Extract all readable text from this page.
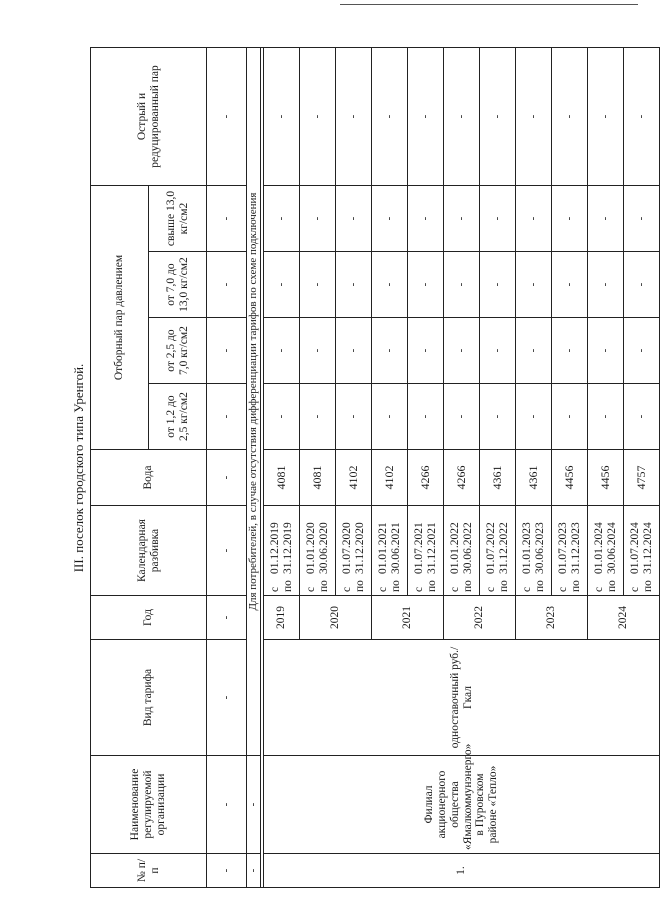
III. поселок городского типа Уренгой.
№ п/п	Наименование регулируемой организации	Вид тарифа	Год	Календарная разбивка	Вода	Отборный пар давлением				Острый и редуцированный пар
						от 1,2 до 2,5 кг/см2	от 2,5 до 7,0 кг/см2	от 7,0 до 13,0 кг/см2	свыше 13,0 кг/см2	
-	-	-	-	-	-	-	-	-	-	-
-	-	Для потребителей, в случае отсутствия дифференциации тарифов по схеме подключения								

1.	Филиал акционерного общества «Ямалкоммунэнерго» в Пуровском районе «Тепло»	одноставочный руб./Гкал	2019	с01.12.2019
по31.12.2019	4081	-	-	-	-	-
			2020	с01.01.2020
по30.06.2020	4081	-	-	-	-	-

				с01.07.2020
по31.12.2020	4102	-	-	-	-	-
			2021	с01.01.2021
по30.06.2021	4102	-	-	-	-	-

				с01.07.2021
по31.12.2021	4266	-	-	-	-	-
			2022	с01.01.2022
по30.06.2022	4266	-	-	-	-	-

				с01.07.2022
по31.12.2022	4361	-	-	-	-	-
			2023	с01.01.2023
по30.06.2023	4361	-	-	-	-	-

				с01.07.2023
по31.12.2023	4456	-	-	-	-	-
			2024	с01.01.2024
по30.06.2024	4456	-	-	-	-	-

				с01.07.2024
по31.12.2024	4757	-	-	-	-	-
